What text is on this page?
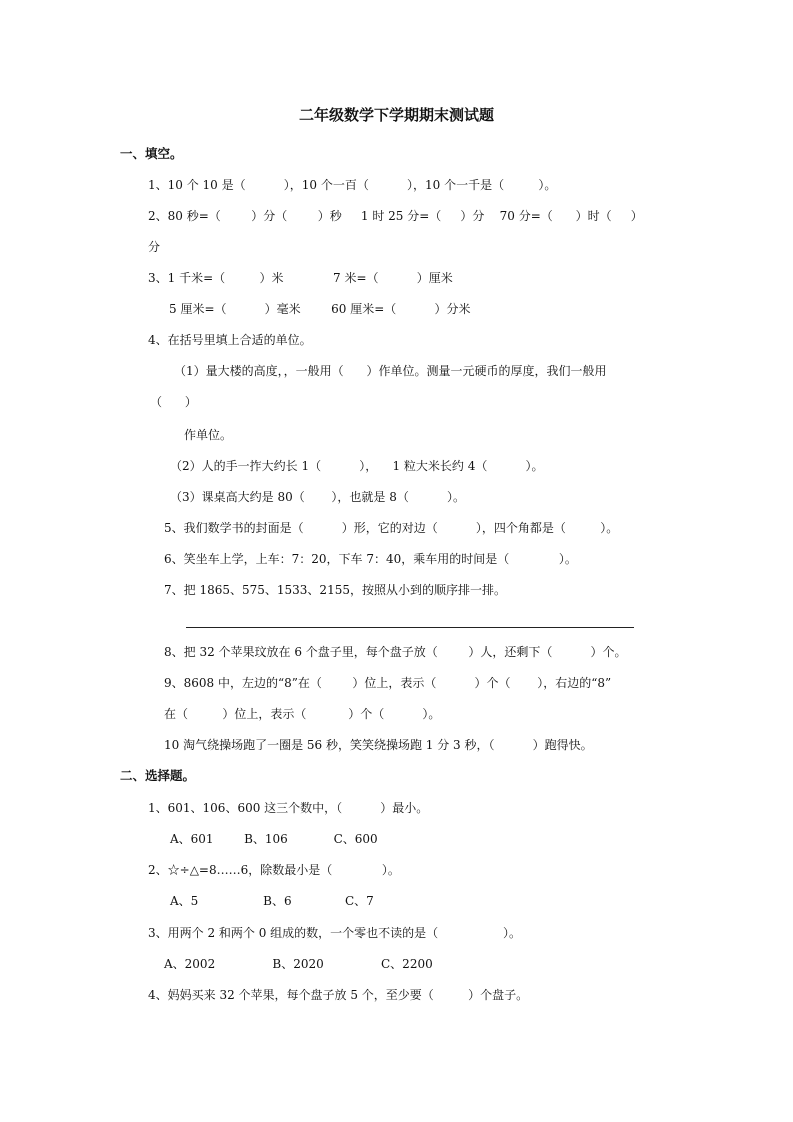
二年级数学下学期期末测试题
一、填空。
1、10 个 10 是（          ），10 个一百（          ），10 个一千是（         ）。
2、80 秒=（        ）分（        ）秒     1 时 25 分=（     ）分    70 分=（      ）时（     ）
分
3、1 千米=（         ）米             7 米=（          ）厘米
5 厘米=（          ）毫米        60 厘米=（          ）分米
4、在括号里填上合适的单位。
（1）量大楼的高度，，一般用（      ）作单位。测量一元硬币的厚度，我们一般用
（      ）
作单位。
（2）人的手一拃大约长 1（          ），    1 粒大米长约 4（          ）。
（3）课桌高大约是 80（       ），也就是 8（          ）。
5、我们数学书的封面是（          ）形，它的对边（          ），四个角都是（         ）。
6、笑坐车上学，上车：7：20，下车 7：40，乘车用的时间是（             ）。
7、把 1865、575、1533、2155，按照从小到的顺序排一排。
8、把 32 个苹果玟放在 6 个盘子里，每个盘子放（        ）人，还剩下（          ）个。
9、8608 中，左边的“8”在（        ）位上，表示（          ）个（       ），右边的“8”
在（         ）位上，表示（           ）个（          ）。
10 淘气绕操场跑了一圈是 56 秒，笑笑绕操场跑 1 分 3 秒，（          ）跑得快。
二、选择题。
1、601、106、600 这三个数中，（          ）最小。
A、601        B、106            C、600
2、☆÷△=8……6，除数最小是（             ）。
A、5                 B、6              C、7
3、用两个 2 和两个 0 组成的数，一个零也不读的是（                 ）。
A、2002               B、2020               C、2200
4、妈妈买来 32 个苹果，每个盘子放 5 个，至少要（         ）个盘子。
